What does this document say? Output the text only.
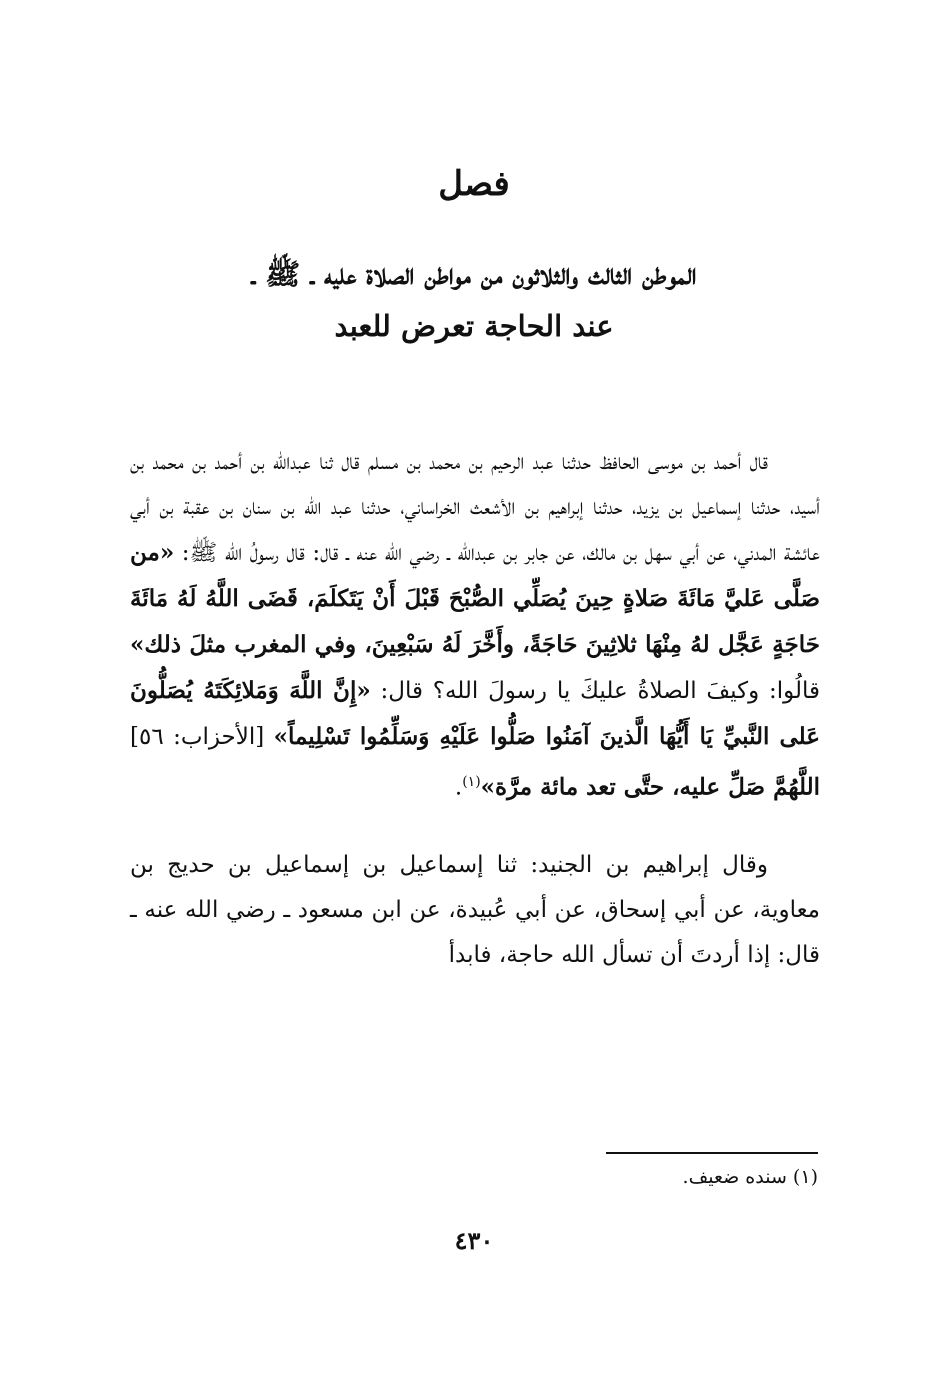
فصل
الموطن الثالث والثلاثون من مواطن الصلاة عليه ـ ﷺ ـ
عند الحاجة تعرض للعبد

قال أحمد بن موسى الحافظ حدثنا عبد الرحيم بن محمد بن مسلم قال ثنا عبدالله بن أحمد بن محمد بن أسيد، حدثنا إسماعيل بن يزيد، حدثنا إبراهيم بن الأشعث الخراساني، حدثنا عبد الله بن سنان بن عقبة بن أبي عائشة المدني، عن أبي سهل بن مالك، عن جابر بن عبدالله ـ رضي الله عنه ـ قال: قال رسولُ الله ﷺ: «من صَلَّى عَليَّ مَائَةَ صَلاةٍ حِينَ يُصَلِّي الصُّبْحَ قَبْلَ أَنْ يَتَكلَمَ، قَضَى اللَّهُ لَهُ مَائَةَ حَاجَةٍ عَجَّل لهُ مِنْهَا ثلاثِينَ حَاجَةً، وأَخَّرَ لَهُ سَبْعِينَ، وفي المغرب مثلَ ذلك» قالُوا: وكيفَ الصلاةُ عليكَ يا رسولَ الله؟ قال: «إِنَّ اللَّهَ وَمَلائِكَتَهُ يُصَلُّونَ عَلى النَّبيِّ يَا أَيُّهَا الَّذينَ آمَنُوا صَلُّوا عَلَيْهِ وَسَلِّمُوا تَسْلِيماً» [الأحزاب: ٥٦] اللَّهُمَّ صَلِّ عليه، حتَّى تعد مائة مرَّة»$^{(١)}$.

وقال إبراهيم بن الجنيد: ثنا إسماعيل بن إسماعيل بن حديج بن معاوية، عن أبي إسحاق، عن أبي عُبيدة، عن ابن مسعود ـ رضي الله عنه ـ قال: إذا أردتَ أن تسأل الله حاجة، فابدأ

(١) سنده ضعيف.

٤٣٠
